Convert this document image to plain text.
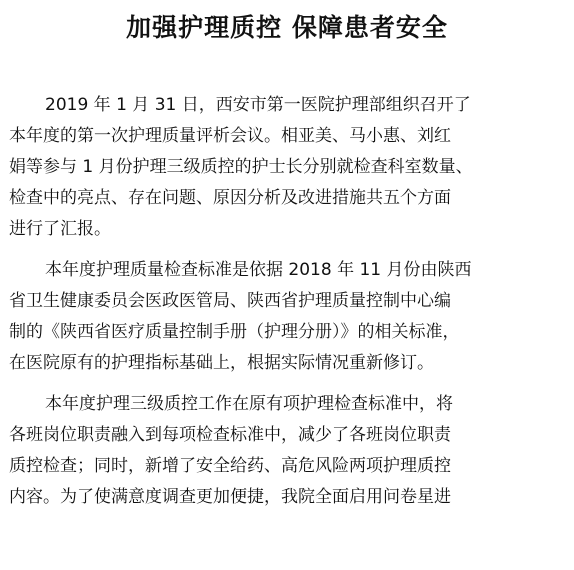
加强护理质控 保障患者安全
2019 年 1 月 31 日，西安市第一医院护理部组织召开了
本年度的第一次护理质量评析会议。相亚美、马小惠、刘红
娟等参与 1 月份护理三级质控的护士长分别就检查科室数量、
检查中的亮点、存在问题、原因分析及改进措施共五个方面
进行了汇报。
本年度护理质量检查标准是依据 2018 年 11 月份由陕西
省卫生健康委员会医政医管局、陕西省护理质量控制中心编
制的《陕西省医疗质量控制手册（护理分册）》的相关标准，
在医院原有的护理指标基础上，根据实际情况重新修订。
本年度护理三级质控工作在原有项护理检查标准中，将
各班岗位职责融入到每项检查标准中，减少了各班岗位职责
质控检查；同时，新增了安全给药、高危风险两项护理质控
内容。为了使满意度调查更加便捷，我院全面启用问卷星进
